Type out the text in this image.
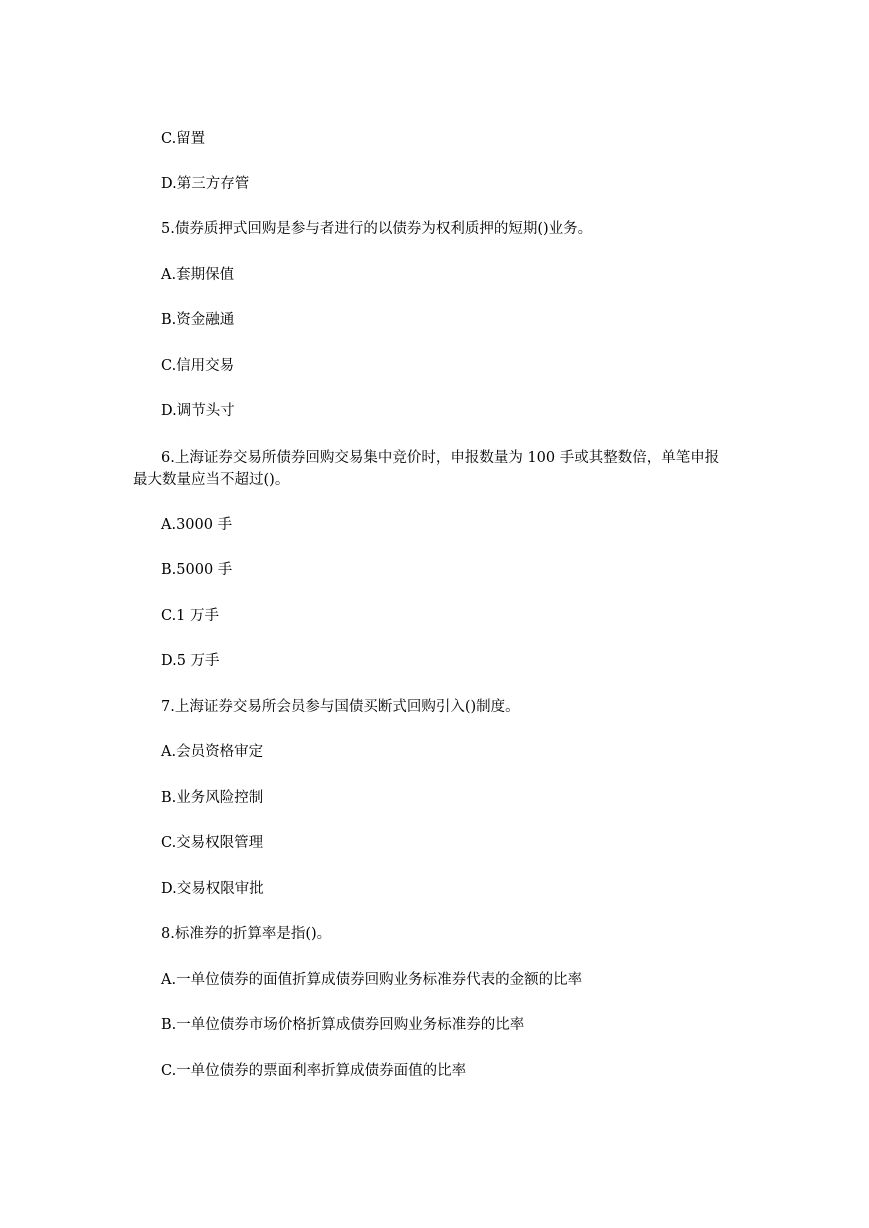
C.留置
D.第三方存管
5.债券质押式回购是参与者进行的以债券为权利质押的短期()业务。
A.套期保值
B.资金融通
C.信用交易
D.调节头寸
6.上海证券交易所债券回购交易集中竞价时，申报数量为 100 手或其整数倍，单笔申报
最大数量应当不超过()。
A.3000 手
B.5000 手
C.1 万手
D.5 万手
7.上海证券交易所会员参与国债买断式回购引入()制度。
A.会员资格审定
B.业务风险控制
C.交易权限管理
D.交易权限审批
8.标准券的折算率是指()。
A.一单位债券的面值折算成债券回购业务标准券代表的金额的比率
B.一单位债券市场价格折算成债券回购业务标准券的比率
C.一单位债券的票面利率折算成债券面值的比率
